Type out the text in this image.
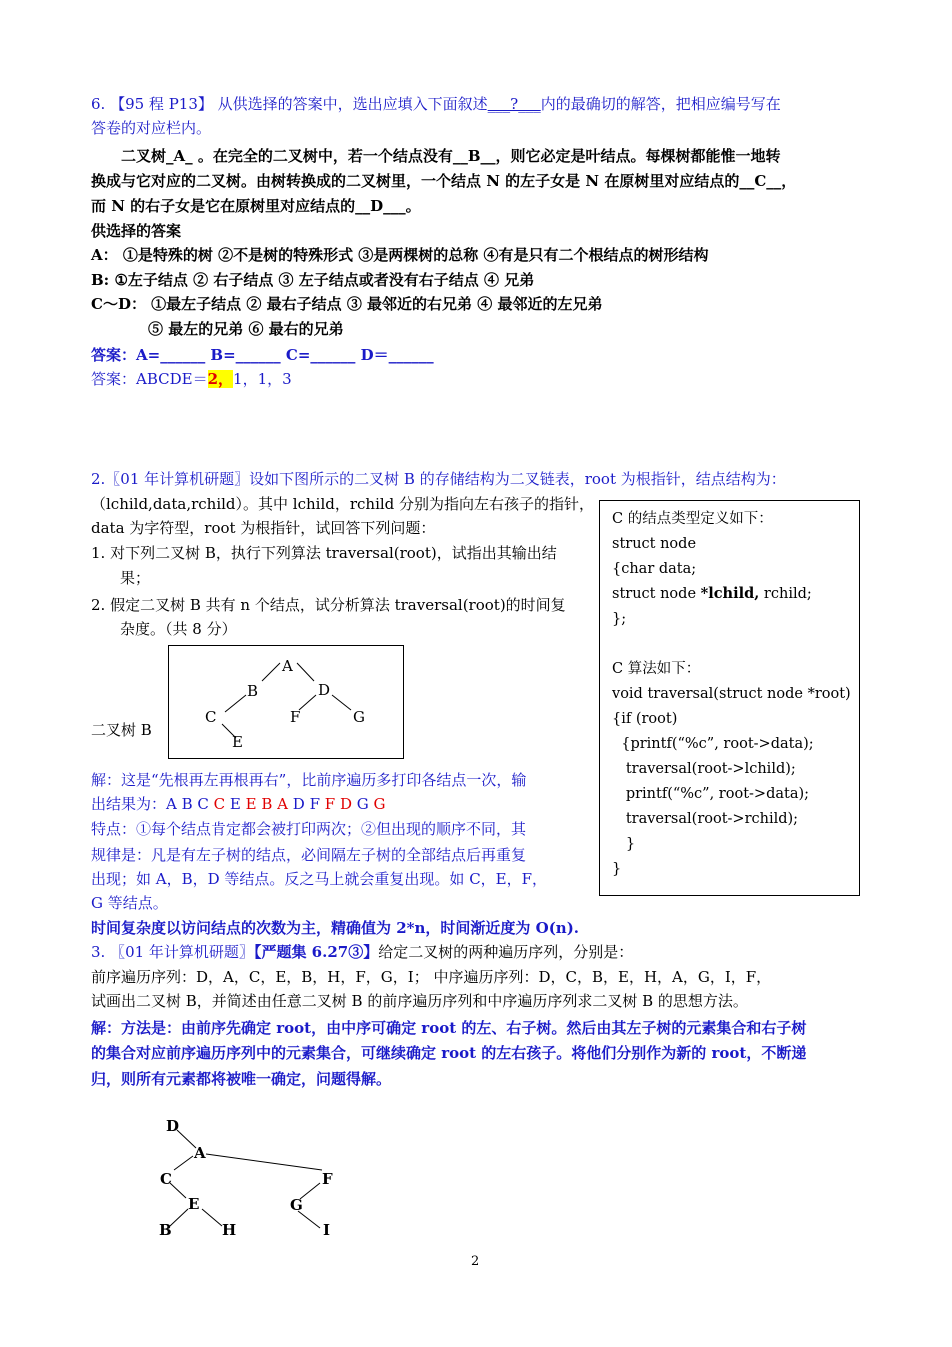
6. 【95 程 P13】 从供选择的答案中，选出应填入下面叙述___?___内的最确切的解答，把相应编号写在
答卷的对应栏内。
二叉树_A_ 。在完全的二叉树中，若一个结点没有__B__，则它必定是叶结点。每棵树都能惟一地转
换成与它对应的二叉树。由树转换成的二叉树里，一个结点 N 的左子女是 N 在原树里对应结点的__C__，
而 N 的右子女是它在原树里对应结点的__D___。
供选择的答案
A： ①是特殊的树 ②不是树的特殊形式 ③是两棵树的总称 ④有是只有二个根结点的树形结构
B: ①左子结点 ② 右子结点 ③ 左子结点或者没有右子结点 ④ 兄弟
C～D： ①最左子结点 ② 最右子结点 ③ 最邻近的右兄弟 ④ 最邻近的左兄弟
⑤ 最左的兄弟 ⑥ 最右的兄弟
答案：A=______ B=______ C=______ D＝______
答案：ABCDE＝2，1，1，3
2.〖01 年计算机研题〗设如下图所示的二叉树 B 的存储结构为二叉链表，root 为根指针，结点结构为：
（lchild,data,rchild）。其中 lchild，rchild 分别为指向左右孩子的指针，
data 为字符型，root 为根指针，试回答下列问题：
1. 对下列二叉树 B，执行下列算法 traversal(root)，试指出其输出结
果；
2. 假定二叉树 B 共有 n 个结点，试分析算法 traversal(root)的时间复
杂度。（共 8 分）
二叉树 B
A
B	D
C	F	G
E
解：这是“先根再左再根再右”，比前序遍历多打印各结点一次，输
出结果为：A B C C E E B A D F F D G G
特点：①每个结点肯定都会被打印两次；②但出现的顺序不同，其
规律是：凡是有左子树的结点，必间隔左子树的全部结点后再重复
出现；如 A，B，D 等结点。反之马上就会重复出现。如 C，E，F，
G 等结点。
时间复杂度以访问结点的次数为主，精确值为 2*n，时间渐近度为 O(n).
C 的结点类型定义如下：
struct node
{char data;
struct node *lchild, rchild;
};
C 算法如下：
void traversal(struct node *root)
{if (root)
{printf(“%c”, root->data);
traversal(root->lchild);
printf(“%c”, root->data);
traversal(root->rchild);
}
}
3. 〖01 年计算机研题〗【严题集 6.27③】给定二叉树的两种遍历序列，分别是：
前序遍历序列：D，A，C，E，B，H，F，G，I； 中序遍历序列：D，C，B，E，H，A，G，I，F，
试画出二叉树 B，并简述由任意二叉树 B 的前序遍历序列和中序遍历序列求二叉树 B 的思想方法。
解：方法是：由前序先确定 root，由中序可确定 root 的左、右子树。然后由其左子树的元素集合和右子树
的集合对应前序遍历序列中的元素集合，可继续确定 root 的左右孩子。将他们分别作为新的 root，不断递
归，则所有元素都将被唯一确定，问题得解。
D
A
C	F
E	G
B	H	I
2
